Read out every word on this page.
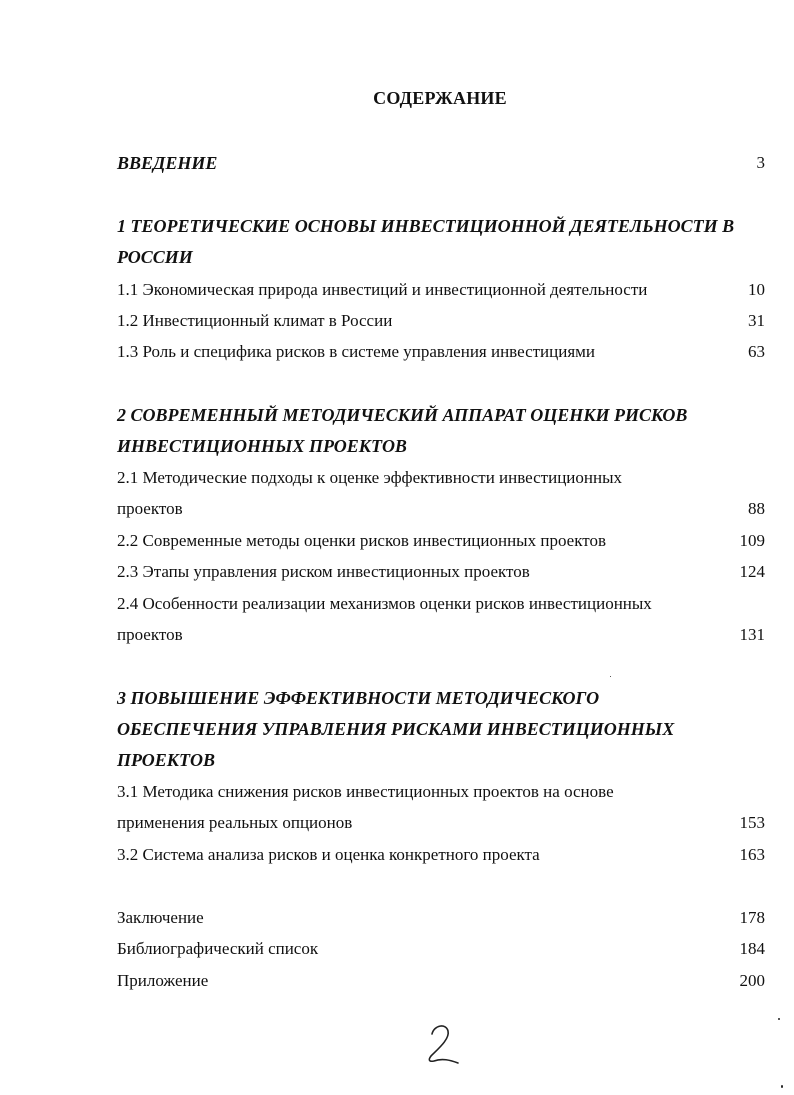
СОДЕРЖАНИЕ
ВВЕДЕНИЕ	3
1 ТЕОРЕТИЧЕСКИЕ ОСНОВЫ ИНВЕСТИЦИОННОЙ ДЕЯТЕЛЬНОСТИ В
РОССИИ
1.1 Экономическая природа инвестиций и инвестиционной деятельности	10
1.2 Инвестиционный климат в России	31
1.3 Роль и специфика рисков в системе управления инвестициями	63
2 СОВРЕМЕННЫЙ МЕТОДИЧЕСКИЙ АППАРАТ ОЦЕНКИ РИСКОВ
ИНВЕСТИЦИОННЫХ ПРОЕКТОВ
2.1 Методические подходы к оценке эффективности инвестиционных
проектов	88
2.2 Современные методы оценки рисков инвестиционных проектов	109
2.3 Этапы управления риском инвестиционных проектов	124
2.4 Особенности реализации механизмов оценки рисков инвестиционных
проектов	131
3 ПОВЫШЕНИЕ ЭФФЕКТИВНОСТИ МЕТОДИЧЕСКОГО
ОБЕСПЕЧЕНИЯ УПРАВЛЕНИЯ РИСКАМИ ИНВЕСТИЦИОННЫХ
ПРОЕКТОВ
3.1 Методика снижения рисков инвестиционных проектов на основе
применения реальных опционов	153
3.2 Система анализа рисков и оценка конкретного проекта	163
Заключение	178
Библиографический список	184
Приложение	200
